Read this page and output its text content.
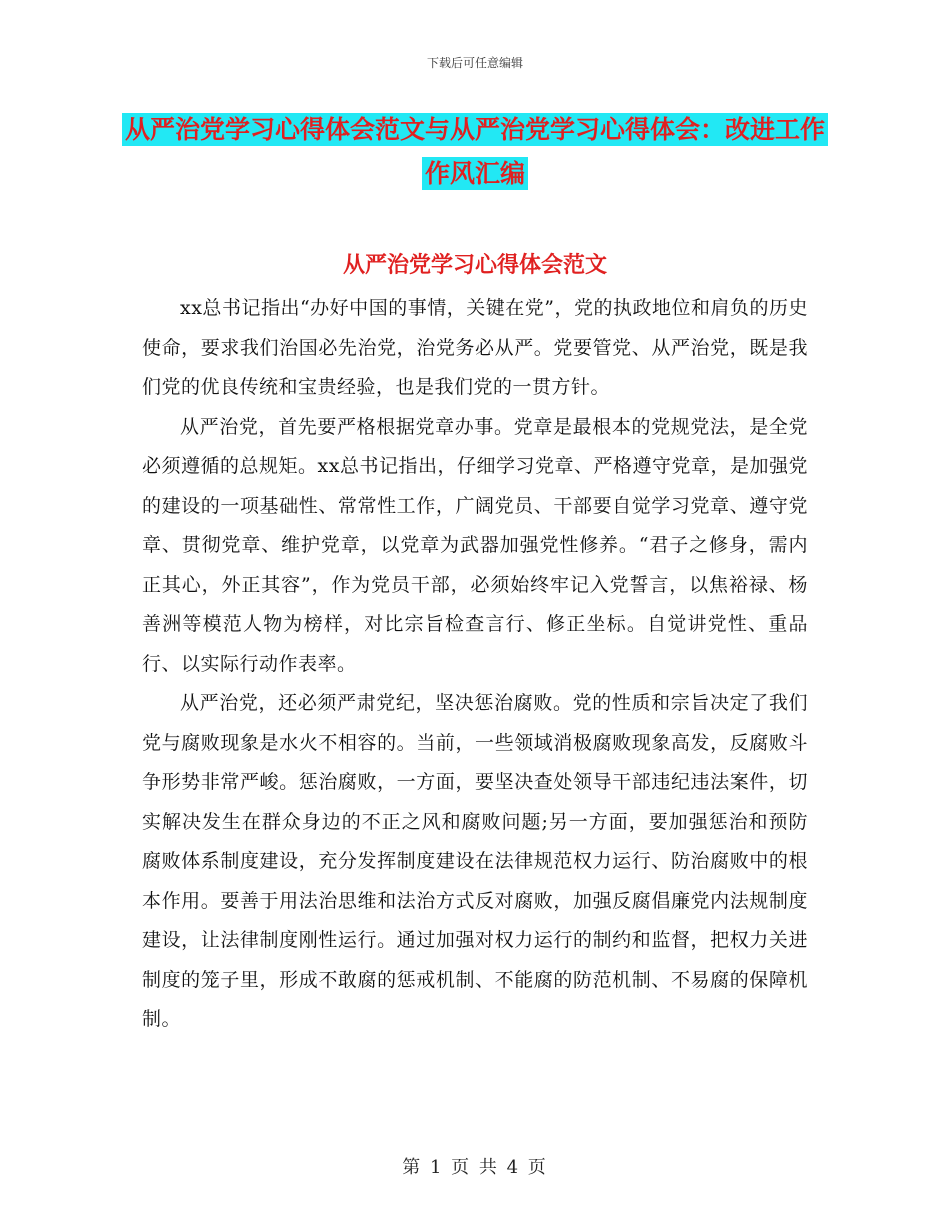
下载后可任意编辑
从严治党学习心得体会范文与从严治党学习心得体会：改进工作作风汇编
从严治党学习心得体会范文

xx总书记指出“办好中国的事情，关键在党”，党的执政地位和肩负的历史使命，要求我们治国必先治党，治党务必从严。党要管党、从严治党，既是我们党的优良传统和宝贵经验，也是我们党的一贯方针。

从严治党，首先要严格根据党章办事。党章是最根本的党规党法，是全党必须遵循的总规矩。xx总书记指出，仔细学习党章、严格遵守党章，是加强党的建设的一项基础性、常常性工作，广阔党员、干部要自觉学习党章、遵守党章、贯彻党章、维护党章，以党章为武器加强党性修养。“君子之修身，需内正其心，外正其容”，作为党员干部，必须始终牢记入党誓言，以焦裕禄、杨善洲等模范人物为榜样，对比宗旨检查言行、修正坐标。自觉讲党性、重品行、以实际行动作表率。

从严治党，还必须严肃党纪，坚决惩治腐败。党的性质和宗旨决定了我们党与腐败现象是水火不相容的。当前，一些领域消极腐败现象高发，反腐败斗争形势非常严峻。惩治腐败，一方面，要坚决查处领导干部违纪违法案件，切实解决发生在群众身边的不正之风和腐败问题;另一方面，要加强惩治和预防腐败体系制度建设，充分发挥制度建设在法律规范权力运行、防治腐败中的根本作用。要善于用法治思维和法治方式反对腐败，加强反腐倡廉党内法规制度建设，让法律制度刚性运行。通过加强对权力运行的制约和监督，把权力关进制度的笼子里，形成不敢腐的惩戒机制、不能腐的防范机制、不易腐的保障机制。

第 1 页 共 4 页
